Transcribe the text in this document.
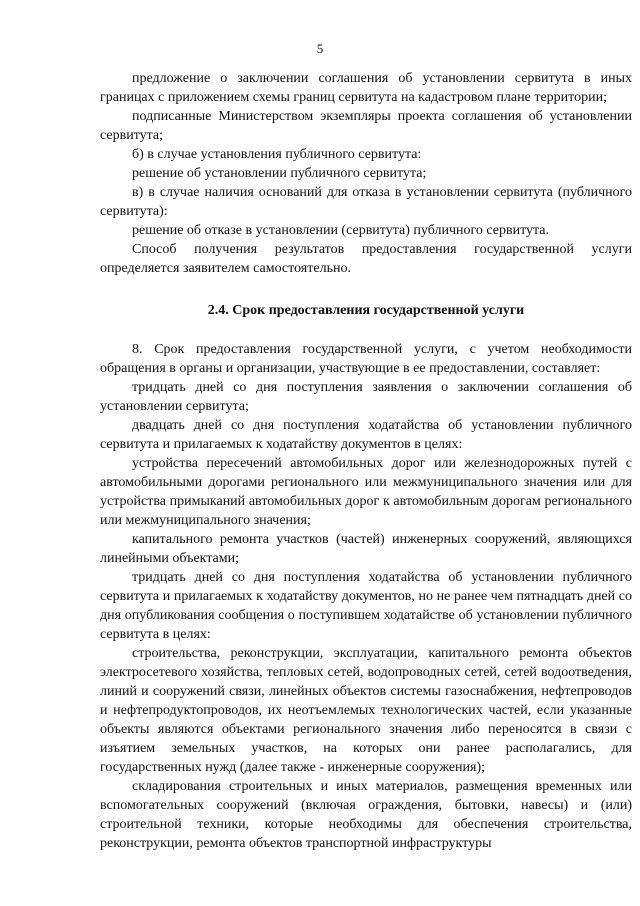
5

предложение о заключении соглашения об установлении сервитута в иных границах с приложением схемы границ сервитута на кадастровом плане территории;

подписанные Министерством экземпляры проекта соглашения об установлении сервитута;

б) в случае установления публичного сервитута:

решение об установлении публичного сервитута;

в) в случае наличия оснований для отказа в установлении сервитута (публичного сервитута):

решение об отказе в установлении (сервитута) публичного сервитута.

Способ получения результатов предоставления государственной услуги определяется заявителем самостоятельно.

2.4. Срок предоставления государственной услуги

8. Срок предоставления государственной услуги, с учетом необходимости обращения в органы и организации, участвующие в ее предоставлении, составляет:

тридцать дней со дня поступления заявления о заключении соглашения об установлении сервитута;

двадцать дней со дня поступления ходатайства об установлении публичного сервитута и прилагаемых к ходатайству документов в целях:

устройства пересечений автомобильных дорог или железнодорожных путей с автомобильными дорогами регионального или межмуниципального значения или для устройства примыканий автомобильных дорог к автомобильным дорогам регионального или межмуниципального значения;

капитального ремонта участков (частей) инженерных сооружений, являющихся линейными объектами;

тридцать дней со дня поступления ходатайства об установлении публичного сервитута и прилагаемых к ходатайству документов, но не ранее чем пятнадцать дней со дня опубликования сообщения о поступившем ходатайстве об установлении публичного сервитута в целях:

строительства, реконструкции, эксплуатации, капитального ремонта объектов электросетевого хозяйства, тепловых сетей, водопроводных сетей, сетей водоотведения, линий и сооружений связи, линейных объектов системы газоснабжения, нефтепроводов и нефтепродуктопроводов, их неотъемлемых технологических частей, если указанные объекты являются объектами регионального значения либо переносятся в связи с изъятием земельных участков, на которых они ранее располагались, для государственных нужд (далее также - инженерные сооружения);

складирования строительных и иных материалов, размещения временных или вспомогательных сооружений (включая ограждения, бытовки, навесы) и (или) строительной техники, которые необходимы для обеспечения строительства, реконструкции, ремонта объектов транспортной инфраструктуры
